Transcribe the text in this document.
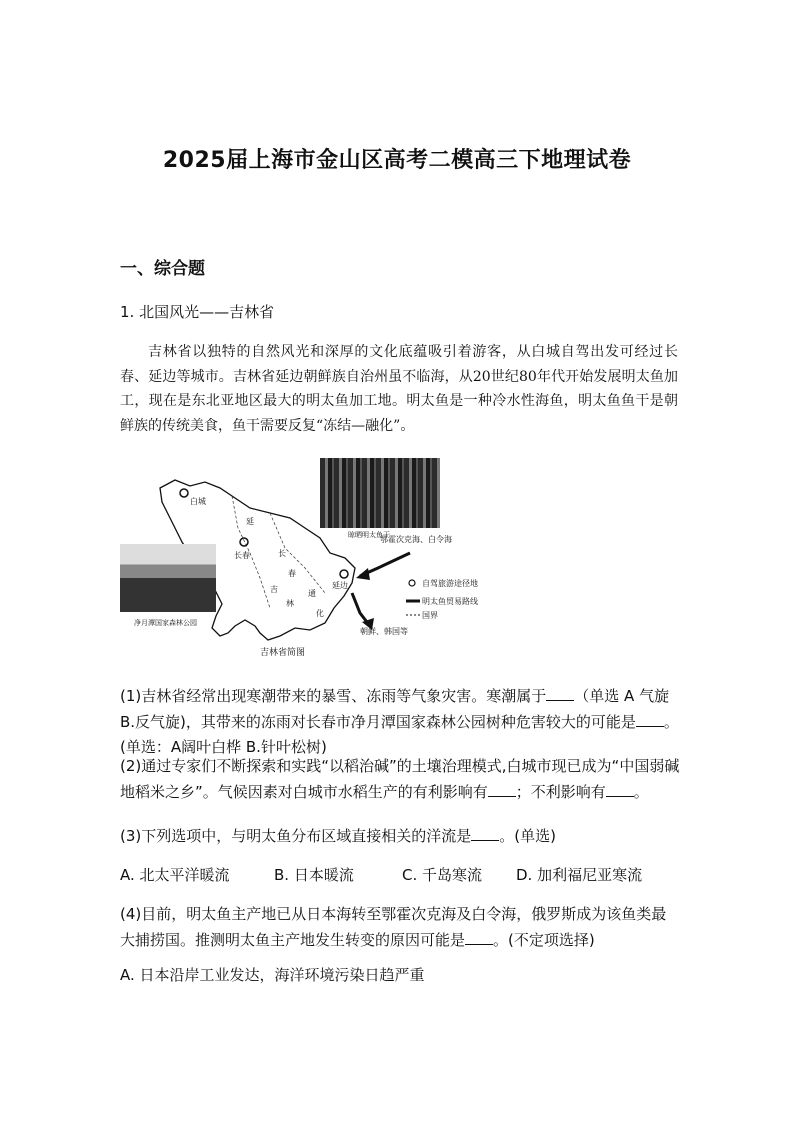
2025届上海市金山区高考二模高三下地理试卷
一、综合题
1. 北国风光——吉林省
吉林省以独特的自然风光和深厚的文化底蕴吸引着游客，从白城自驾出发可经过长春、延边等城市。吉林省延边朝鲜族自治州虽不临海，从20世纪80年代开始发展明太鱼加工，现在是东北亚地区最大的明太鱼加工地。明太鱼是一种冷水性海鱼，明太鱼鱼干是朝鲜族的传统美食，鱼干需要反复“冻结—融化”。
白城
长春
延边
长
春
吉
林
通
化
延
吉林省简图
鄂霍次克海、白令海
朝鲜、韩国等
自驾旅游途径地
明太鱼贸易路线
国界
晾晒明太鱼干
净月潭国家森林公园
(1)吉林省经常出现寒潮带来的暴雪、冻雨等气象灾害。寒潮属于 （单选 A 气旋 B.反气旋)，其带来的冻雨对长春市净月潭国家森林公园树种危害较大的可能是 。(单选：A阔叶白桦 B.针叶松树)
(2)通过专家们不断探索和实践“以稻治碱”的土壤治理模式,白城市现已成为“中国弱碱地稻米之乡”。气候因素对白城市水稻生产的有利影响有 ；不利影响有 。
(3)下列选项中，与明太鱼分布区域直接相关的洋流是 。(单选)
A. 北太平洋暖流	B. 日本暖流	C. 千岛寒流	D. 加利福尼亚寒流
(4)目前，明太鱼主产地已从日本海转至鄂霍次克海及白令海，俄罗斯成为该鱼类最大捕捞国。推测明太鱼主产地发生转变的原因可能是 。(不定项选择)
A. 日本沿岸工业发达，海洋环境污染日趋严重
